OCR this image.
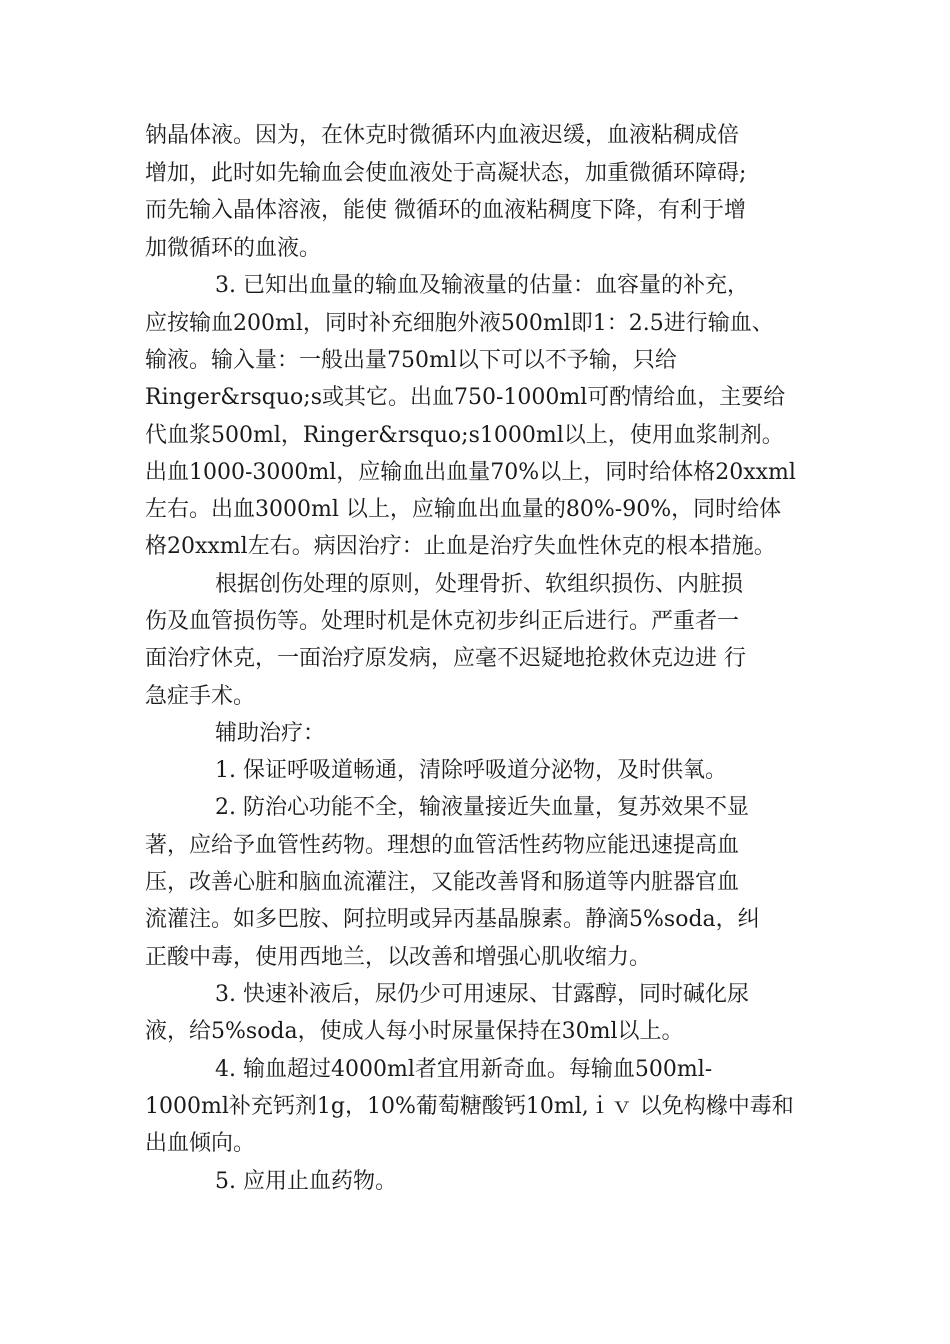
钠晶体液。因为，在休克时微循环内血液迟缓，血液粘稠成倍
增加，此时如先输血会使血液处于高凝状态，加重微循环障碍;
而先输入晶体溶液，能使 微循环的血液粘稠度下降，有利于增
加微循环的血液。
3. 已知出血量的输血及输液量的估量：血容量的补充，
应按输血200ml，同时补充细胞外液500ml即1：2.5进行输血、
输液。输入量：一般出量750ml以下可以不予输，只给
Ringer&rsquo;s或其它。出血750-1000ml可酌情给血，主要给
代血浆500ml，Ringer&rsquo;s1000ml以上，使用血浆制剂。
出血1000-3000ml，应输血出血量70%以上，同时给体格20xxml
左右。出血3000ml 以上，应输血出血量的80%-90%，同时给体
格20xxml左右。病因治疗：止血是治疗失血性休克的根本措施。
根据创伤处理的原则，处理骨折、软组织损伤、内脏损
伤及血管损伤等。处理时机是休克初步纠正后进行。严重者一
面治疗休克，一面治疗原发病，应毫不迟疑地抢救休克边进 行
急症手术。
辅助治疗：
1. 保证呼吸道畅通，清除呼吸道分泌物，及时供氧。
2. 防治心功能不全，输液量接近失血量，复苏效果不显
著，应给予血管性药物。理想的血管活性药物应能迅速提高血
压，改善心脏和脑血流灌注，又能改善肾和肠道等内脏器官血
流灌注。如多巴胺、阿拉明或异丙基晶腺素。静滴5%soda，纠
正酸中毒，使用西地兰，以改善和增强心肌收缩力。
3. 快速补液后，尿仍少可用速尿、甘露醇，同时碱化尿
液，给5%soda，使成人每小时尿量保持在30ml以上。
4. 输血超过4000ml者宜用新奇血。每输血500ml-
1000ml补充钙剂1g，10%葡萄糖酸钙10ml,ｉｖ 以免构橼中毒和
出血倾向。
5. 应用止血药物。
